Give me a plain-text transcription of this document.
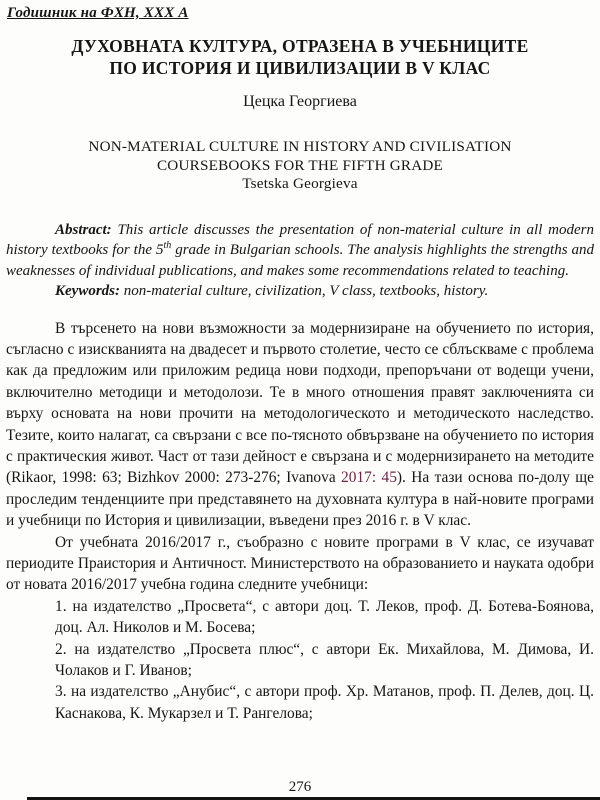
Годишник на ФХН, XXX А
ДУХОВНАТА КУЛТУРА, ОТРАЗЕНА В УЧЕБНИЦИТЕ
ПО ИСТОРИЯ И ЦИВИЛИЗАЦИИ В V КЛАС
Цецка Георгиева
NON-MATERIAL CULTURE IN HISTORY AND CIVILISATION
COURSEBOOKS FOR THE FIFTH GRADE
Tsetska Georgieva

Abstract: This article discusses the presentation of non-material culture in all modern history textbooks for the 5th grade in Bulgarian schools. The analysis highlights the strengths and weaknesses of individual publications, and makes some recommendations related to teaching.

Keywords: non-material culture, civilization, V class, textbooks, history.

В търсенето на нови възможности за модернизиране на обучението по история, съгласно с изискванията на двадесет и първото столетие, често се сблъскваме с проблема как да предложим или приложим редица нови подходи, препоръчани от водещи учени, включително методици и методолози. Те в много отношения правят заключенията си върху основата на нови прочити на методологическото и методическото наследство. Тезите, които налагат, са свързани с все по-тясното обвързване на обучението по история с практическия живот. Част от тази дейност е свързана и с модернизирането на методите (Rikaor, 1998: 63; Bizhkov 2000: 273-276; Ivanova 2017: 45). На тази основа по-долу ще проследим тенденциите при представянето на духовната култура в най-новите програми и учебници по История и цивилизации, въведени през 2016 г. в V клас.

От учебната 2016/2017 г., съобразно с новите програми в V клас, се изучават периодите Праистория и Античност. Министерството на образованието и науката одобри от новата 2016/2017 учебна година следните учебници:

1. на издателство „Просвета“, с автори доц. Т. Леков, проф. Д. Ботева-Боянова, доц. Ал. Николов и М. Босева;
2. на издателство „Просвета плюс“, с автори Ек. Михайлова, М. Димова, И. Чолаков и Г. Иванов;
3. на издателство „Анубис“, с автори проф. Хр. Матанов, проф. П. Делев, доц. Ц. Каснакова, К. Мукарзел и Т. Рангелова;
276
